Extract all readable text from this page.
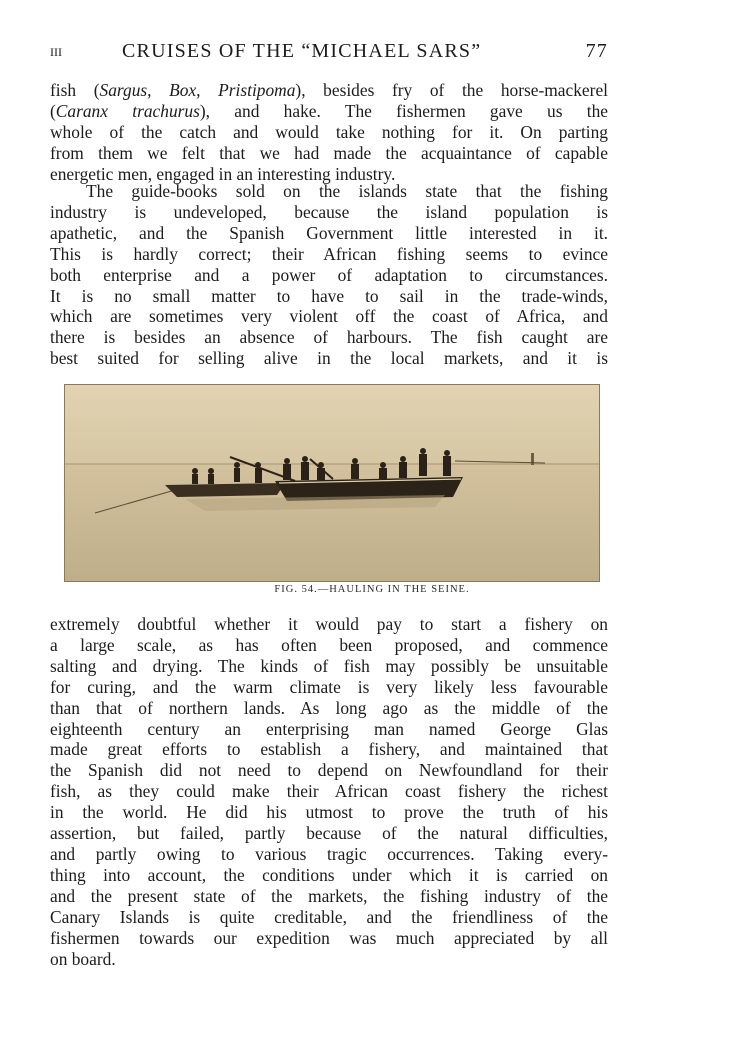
III	CRUISES OF THE “MICHAEL SARS”	77
fish (Sargus, Box, Pristipoma), besides fry of the horse-mackerel
(Caranx trachurus), and hake. The fishermen gave us the
whole of the catch and would take nothing for it. On parting
from them we felt that we had made the acquaintance of capable
energetic men, engaged in an interesting industry.
The guide-books sold on the islands state that the fishing
industry is undeveloped, because the island population is
apathetic, and the Spanish Government little interested in it.
This is hardly correct; their African fishing seems to evince
both enterprise and a power of adaptation to circumstances.
It is no small matter to have to sail in the trade-winds,
which are sometimes very violent off the coast of Africa, and
there is besides an absence of harbours. The fish caught are
best suited for selling alive in the local markets, and it is
FIG. 54.—HAULING IN THE SEINE.
extremely doubtful whether it would pay to start a fishery on
a large scale, as has often been proposed, and commence
salting and drying. The kinds of fish may possibly be unsuitable
for curing, and the warm climate is very likely less favourable
than that of northern lands. As long ago as the middle of the
eighteenth century an enterprising man named George Glas
made great efforts to establish a fishery, and maintained that
the Spanish did not need to depend on Newfoundland for their
fish, as they could make their African coast fishery the richest
in the world. He did his utmost to prove the truth of his
assertion, but failed, partly because of the natural difficulties,
and partly owing to various tragic occurrences. Taking every-
thing into account, the conditions under which it is carried on
and the present state of the markets, the fishing industry of the
Canary Islands is quite creditable, and the friendliness of the
fishermen towards our expedition was much appreciated by all
on board.
